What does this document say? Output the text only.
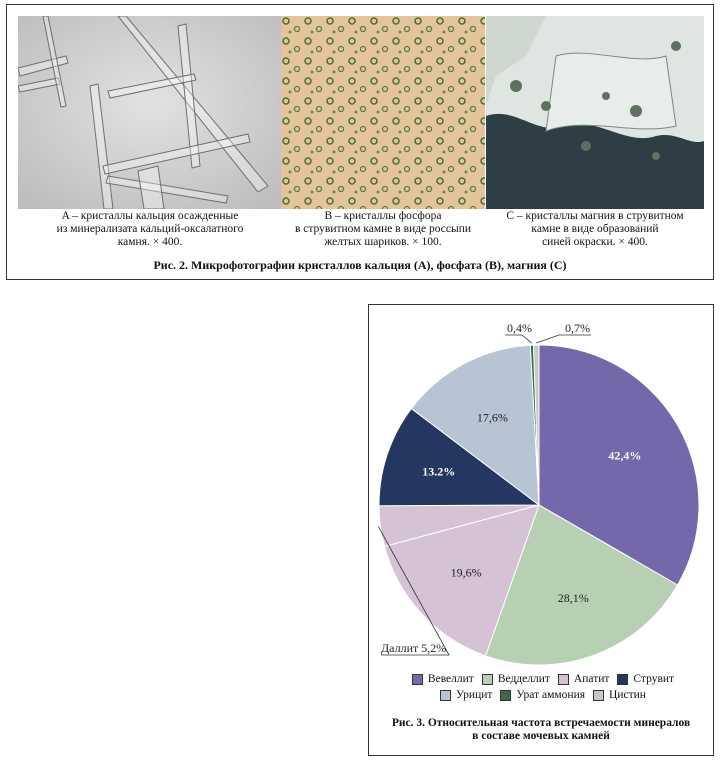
A – кристаллы кальция осажденные
из минерализата кальций-оксалатного
камня. × 400.
B – кристаллы фосфора
в струвитном камне в виде россыпи
желтых шариков. × 100.
C – кристаллы магния в струвитном
камне в виде образований
синей окраски. × 400.
Рис. 2. Микрофотографии кристаллов кальция (A), фосфата (B), магния (C)
42,4%
28,1%
19,6%
Даллит 5,2%
13.2%
17,6%
0,4%	0,7%
Вевеллит Ведделлит Апатит Струвит
Урицит Урат аммония Цистин
Рис. 3. Относительная частота встречаемости минералов
в составе мочевых камней
